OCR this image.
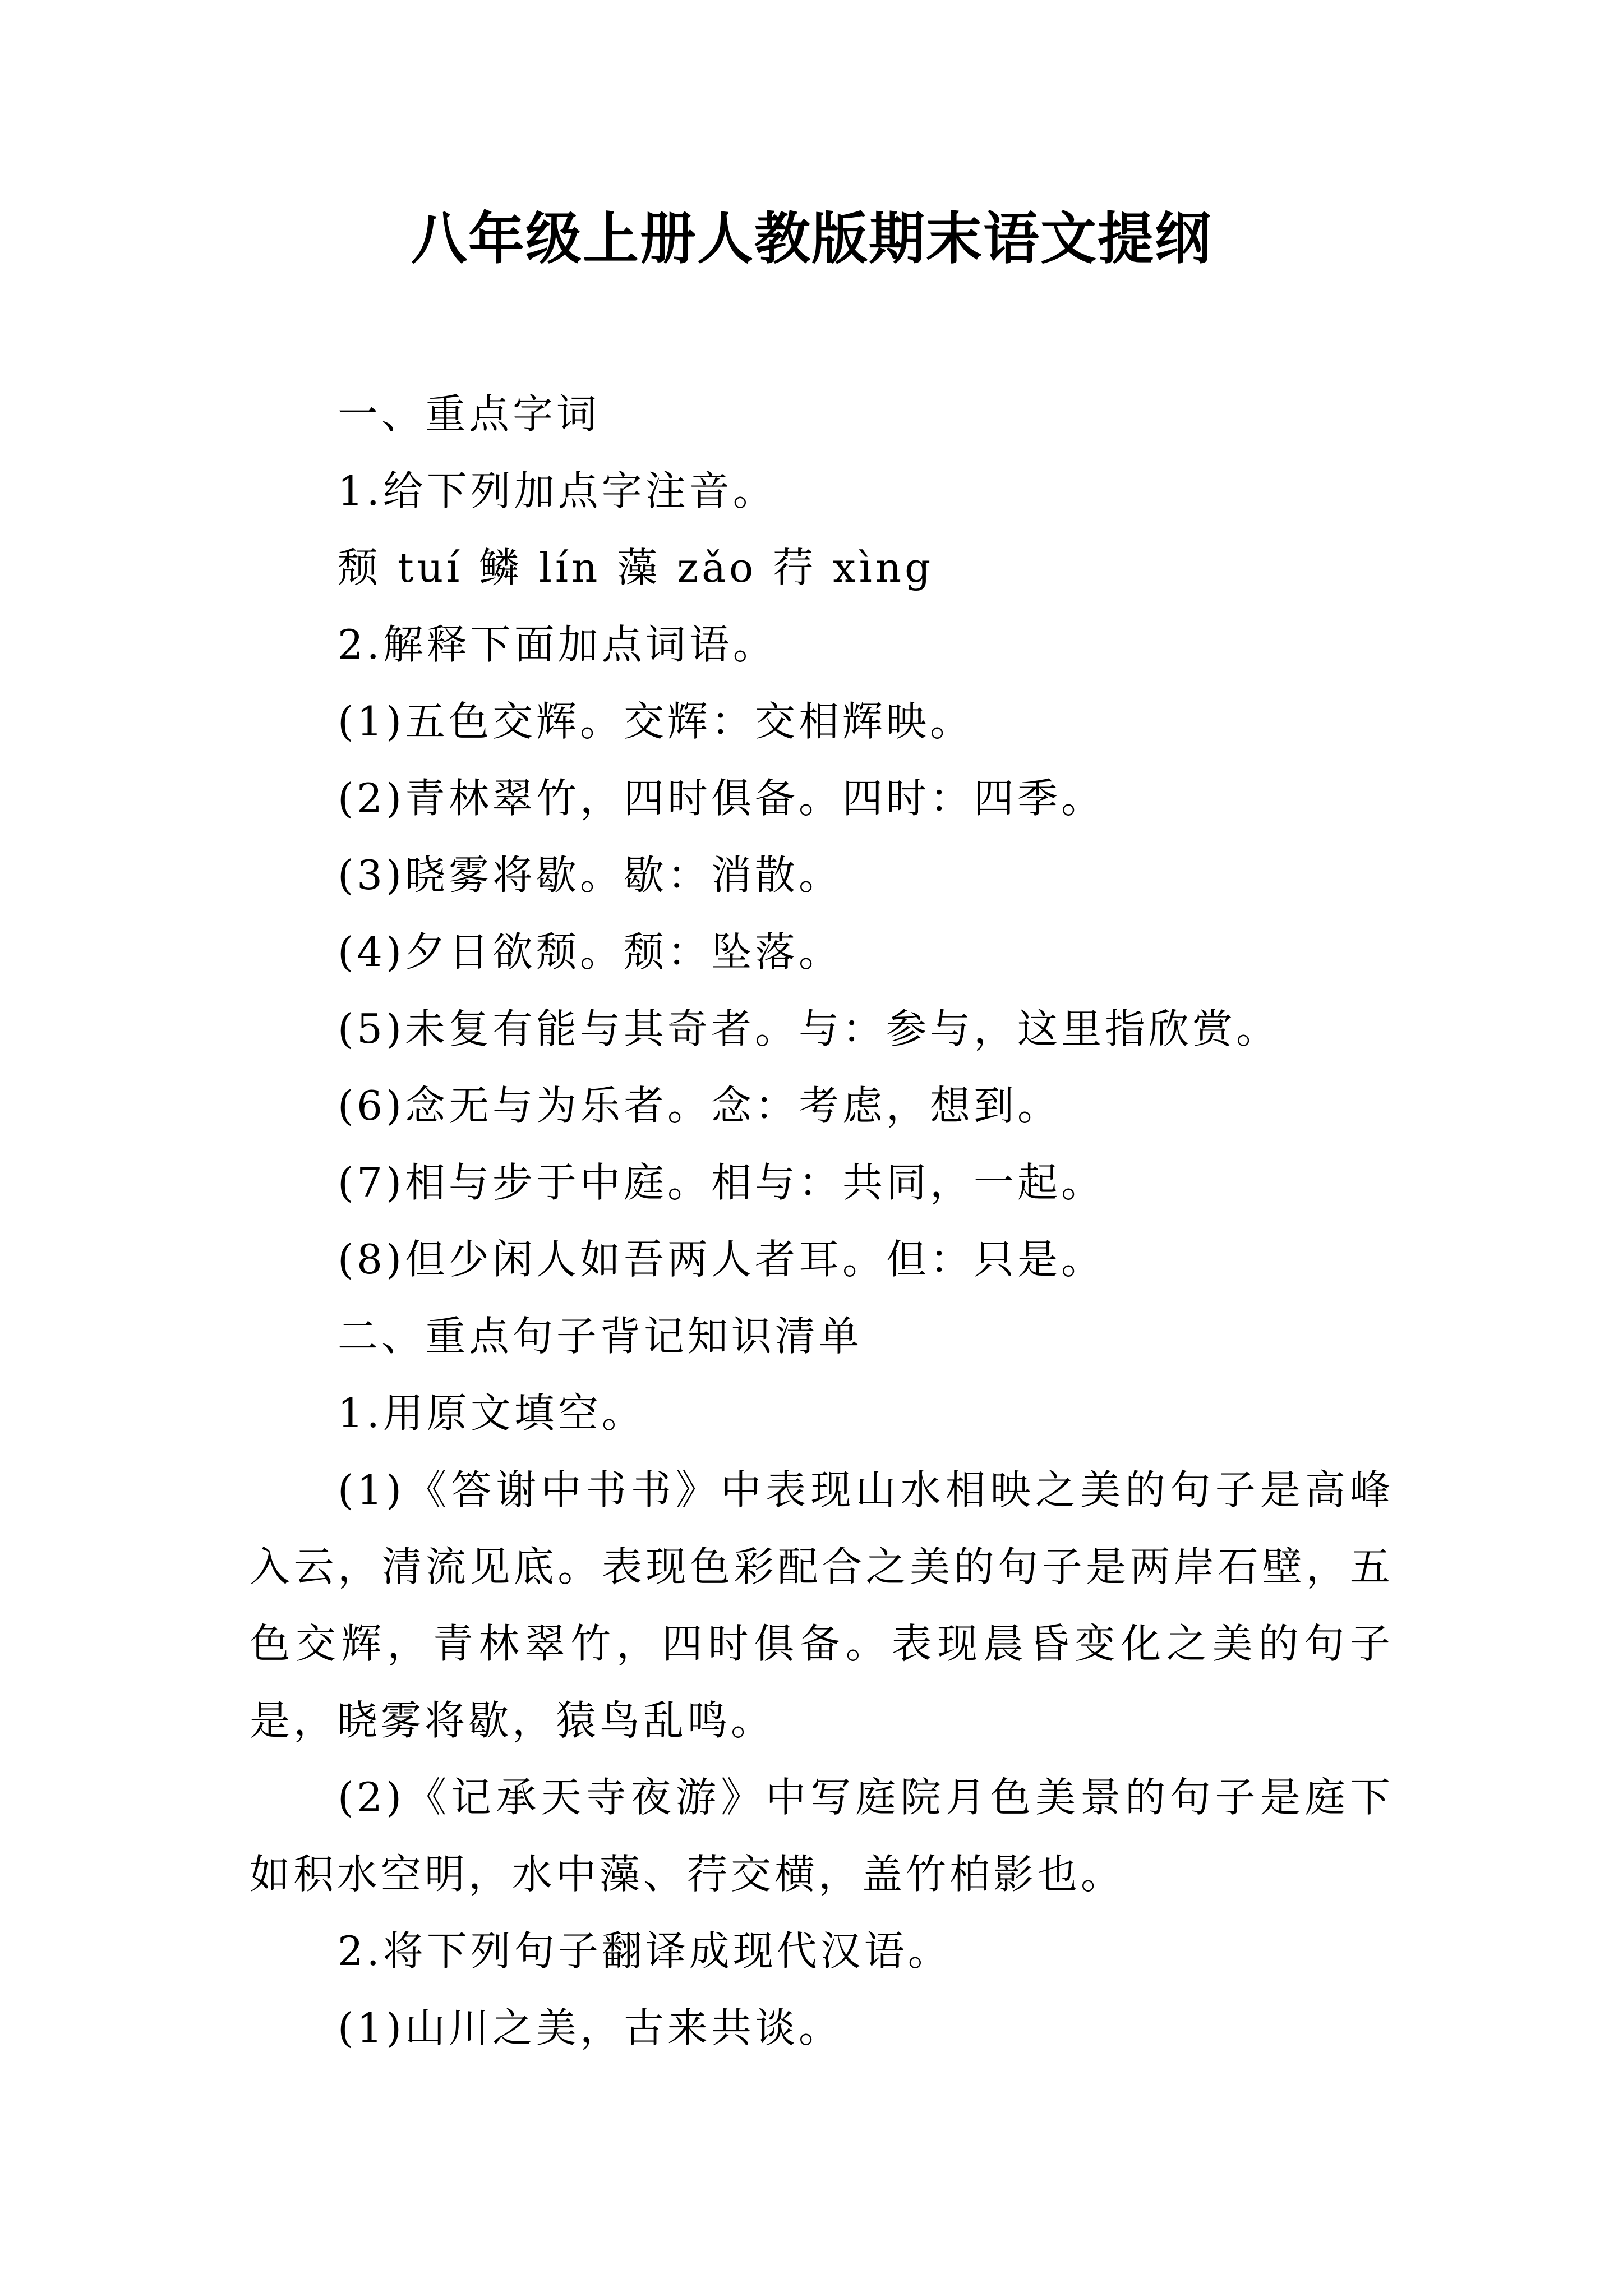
八年级上册人教版期末语文提纲
一、重点字词
1.给下列加点字注音。
颓 tuí 鳞 lín 藻 zǎo 荇 xìng
2.解释下面加点词语。
(1)五色交辉。交辉：交相辉映。
(2)青林翠竹，四时俱备。四时：四季。
(3)晓雾将歇。歇：消散。
(4)夕日欲颓。颓：坠落。
(5)未复有能与其奇者。与：参与，这里指欣赏。
(6)念无与为乐者。念：考虑，想到。
(7)相与步于中庭。相与：共同，一起。
(8)但少闲人如吾两人者耳。但：只是。
二、重点句子背记知识清单
1.用原文填空。
(1)《答谢中书书》中表现山水相映之美的句子是高峰入云，清流见底。表现色彩配合之美的句子是两岸石壁，五色交辉，青林翠竹，四时俱备。表现晨昏变化之美的句子是，晓雾将歇，猿鸟乱鸣。
(2)《记承天寺夜游》中写庭院月色美景的句子是庭下如积水空明，水中藻、荇交横，盖竹柏影也。
2.将下列句子翻译成现代汉语。
(1)山川之美，古来共谈。
